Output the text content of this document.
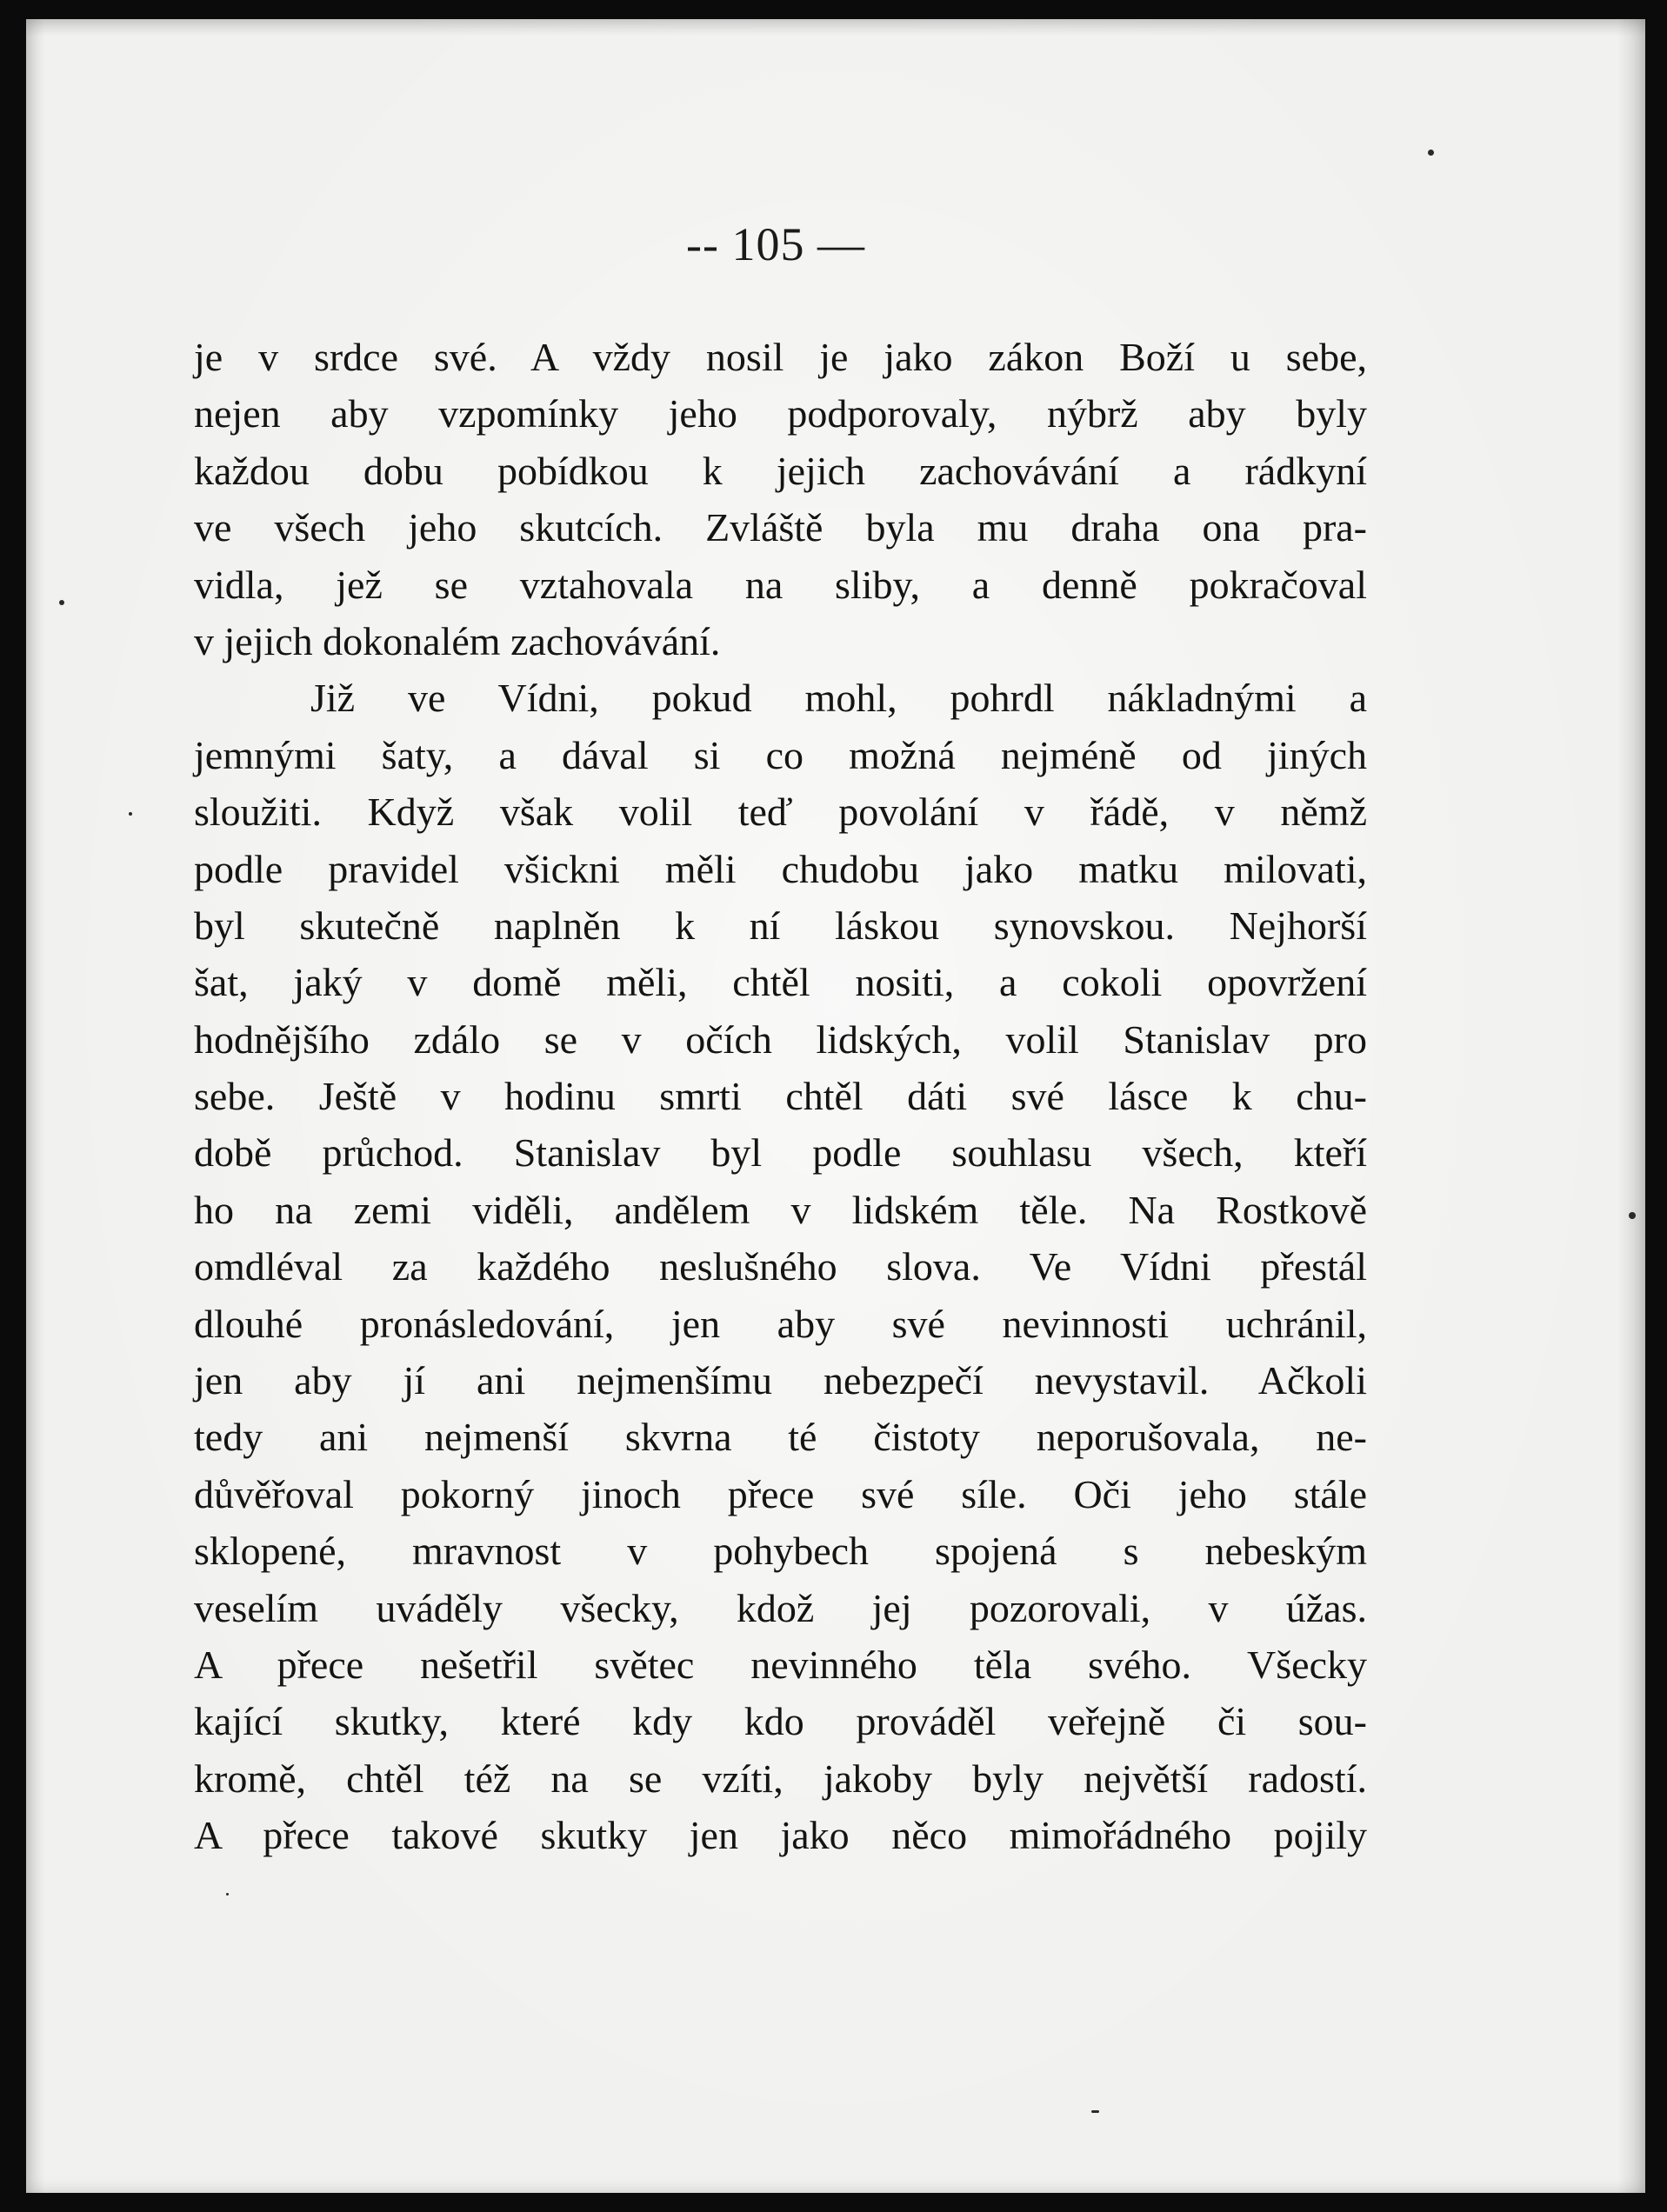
-- 105 —
je v srdce své. A vždy nosil je jako zákon Boží u sebe,
nejen aby vzpomínky jeho podporovaly, nýbrž aby byly
každou dobu pobídkou k jejich zachovávání a rádkyní
ve všech jeho skutcích. Zvláště byla mu draha ona pra-
vidla, jež se vztahovala na sliby, a denně pokračoval
v jejich dokonalém zachovávání.
Již ve Vídni, pokud mohl, pohrdl nákladnými a
jemnými šaty, a dával si co možná nejméně od jiných
sloužiti. Když však volil teď povolání v řádě, v němž
podle pravidel všickni měli chudobu jako matku milovati,
byl skutečně naplněn k ní láskou synovskou. Nejhorší
šat, jaký v domě měli, chtěl nositi, a cokoli opovržení
hodnějšího zdálo se v očích lidských, volil Stanislav pro
sebe. Ještě v hodinu smrti chtěl dáti své lásce k chu-
době průchod. Stanislav byl podle souhlasu všech, kteří
ho na zemi viděli, andělem v lidském těle. Na Rostkově
omdléval za každého neslušného slova. Ve Vídni přestál
dlouhé pronásledování, jen aby své nevinnosti uchránil,
jen aby jí ani nejmenšímu nebezpečí nevystavil. Ačkoli
tedy ani nejmenší skvrna té čistoty neporušovala, ne-
důvěřoval pokorný jinoch přece své síle. Oči jeho stále
sklopené, mravnost v pohybech spojená s nebeským
veselím uváděly všecky, kdož jej pozorovali, v úžas.
A přece nešetřil světec nevinného těla svého. Všecky
kající skutky, které kdy kdo prováděl veřejně či sou-
kromě, chtěl též na se vzíti, jakoby byly největší radostí.
A přece takové skutky jen jako něco mimořádného pojily
